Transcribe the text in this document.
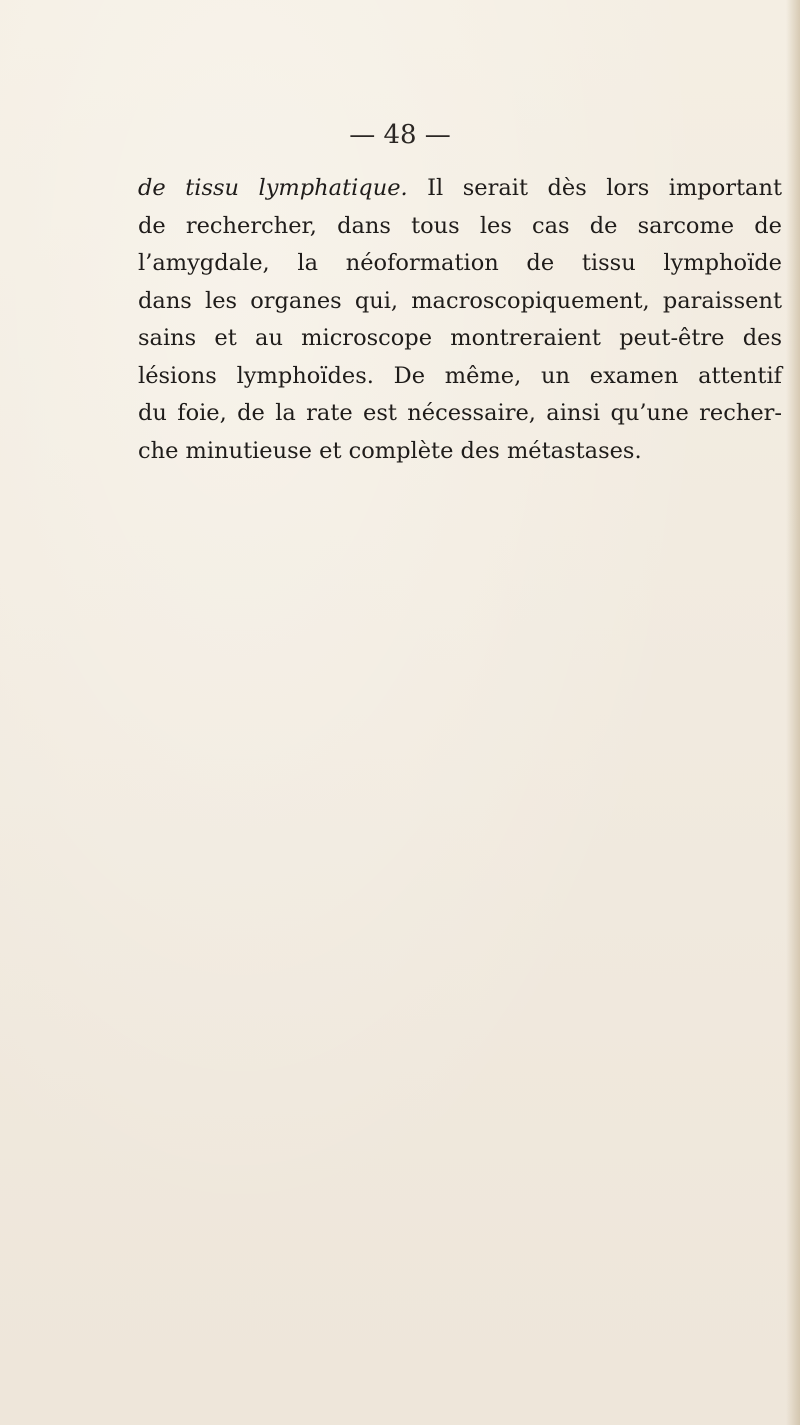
— 48 —
de tissu lymphatique. Il serait dès lors important
de rechercher, dans tous les cas de sarcome de
l’amygdale, la néoformation de tissu lymphoïde
dans les organes qui, macroscopiquement, paraissent
sains et au microscope montreraient peut-être des
lésions lymphoïdes. De même, un examen attentif
du foie, de la rate est nécessaire, ainsi qu’une recher-
che minutieuse et complète des métastases.
